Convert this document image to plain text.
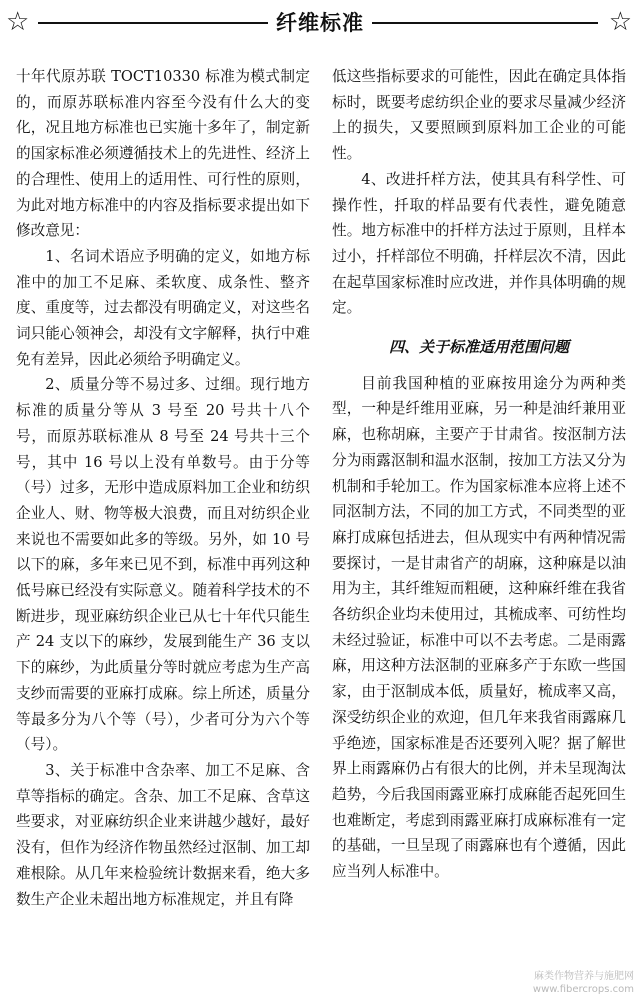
☆	纤维标准	☆

十年代原苏联 TOCT10330 标准为模式制定的，而原苏联标准内容至今没有什么大的变化，况且地方标准也已实施十多年了，制定新的国家标准必须遵循技术上的先进性、经济上的合理性、使用上的适用性、可行性的原则，为此对地方标准中的内容及指标要求提出如下修改意见：

1、名词术语应予明确的定义，如地方标准中的加工不足麻、柔软度、成条性、整齐度、重度等，过去都没有明确定义，对这些名词只能心领神会，却没有文字解释，执行中难免有差异，因此必须给予明确定义。

2、质量分等不易过多、过细。现行地方标准的质量分等从 3 号至 20 号共十八个号，而原苏联标准从 8 号至 24 号共十三个号，其中 16 号以上没有单数号。由于分等（号）过多，无形中造成原料加工企业和纺织企业人、财、物等极大浪费，而且对纺织企业来说也不需要如此多的等级。另外，如 10 号以下的麻，多年来已见不到，标准中再列这种低号麻已经没有实际意义。随着科学技术的不断进步，现亚麻纺织企业已从七十年代只能生产 24 支以下的麻纱，发展到能生产 36 支以下的麻纱，为此质量分等时就应考虑为生产高支纱而需要的亚麻打成麻。综上所述，质量分等最多分为八个等（号），少者可分为六个等（号）。

3、关于标准中含杂率、加工不足麻、含草等指标的确定。含杂、加工不足麻、含草这些要求，对亚麻纺织企业来讲越少越好，最好没有，但作为经济作物虽然经过沤制、加工却难根除。从几年来检验统计数据来看，绝大多数生产企业未超出地方标准规定，并且有降

低这些指标要求的可能性，因此在确定具体指标时，既要考虑纺织企业的要求尽量减少经济上的损失，又要照顾到原料加工企业的可能性。

4、改进扦样方法，使其具有科学性、可操作性，扦取的样品要有代表性，避免随意性。地方标准中的扦样方法过于原则，且样本过小，扦样部位不明确，扦样层次不清，因此在起草国家标准时应改进，并作具体明确的规定。

四、关于标准适用范围问题

目前我国种植的亚麻按用途分为两种类型，一种是纤维用亚麻，另一种是油纤兼用亚麻，也称胡麻，主要产于甘肃省。按沤制方法分为雨露沤制和温水沤制，按加工方法又分为机制和手轮加工。作为国家标准本应将上述不同沤制方法，不同的加工方式，不同类型的亚麻打成麻包括进去，但从现实中有两种情况需要探讨，一是甘肃省产的胡麻，这种麻是以油用为主，其纤维短而粗硬，这种麻纤维在我省各纺织企业均未使用过，其梳成率、可纺性均未经过验证，标准中可以不去考虑。二是雨露麻，用这种方法沤制的亚麻多产于东欧一些国家，由于沤制成本低，质量好，梳成率又高，深受纺织企业的欢迎，但几年来我省雨露麻几乎绝迹，国家标准是否还要列入呢？据了解世界上雨露麻仍占有很大的比例，并未呈现淘汰趋势，今后我国雨露亚麻打成麻能否起死回生也难断定，考虑到雨露亚麻打成麻标准有一定的基础，一旦呈现了雨露麻也有个遵循，因此应当列人标准中。

麻类作物营养与施肥网
www.fibercrops.com
